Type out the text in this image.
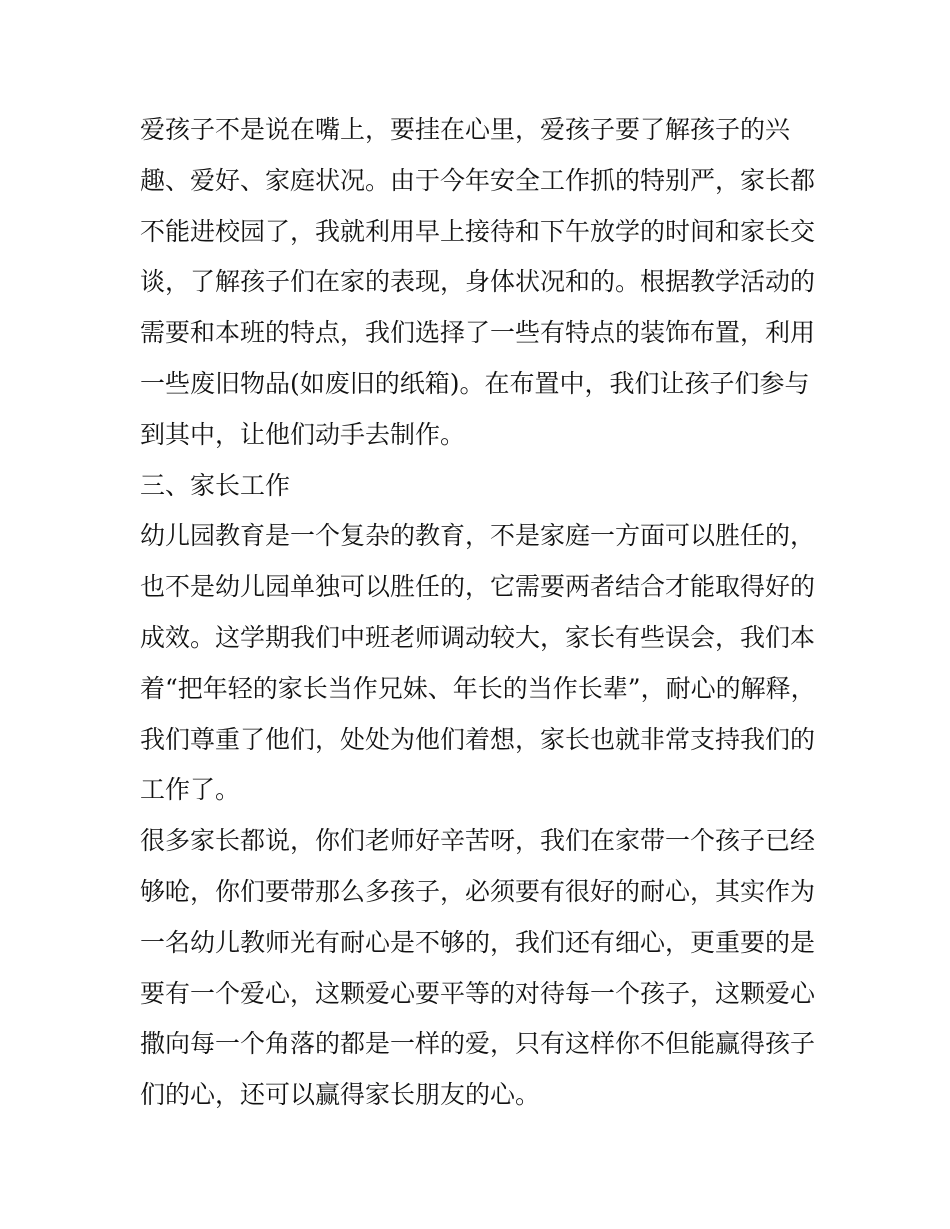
爱孩子不是说在嘴上，要挂在心里，爱孩子要了解孩子的兴
趣、爱好、家庭状况。由于今年安全工作抓的特别严，家长都
不能进校园了，我就利用早上接待和下午放学的时间和家长交
谈，了解孩子们在家的表现，身体状况和的。根据教学活动的
需要和本班的特点，我们选择了一些有特点的装饰布置，利用
一些废旧物品(如废旧的纸箱)。在布置中，我们让孩子们参与
到其中，让他们动手去制作。
三、家长工作
幼儿园教育是一个复杂的教育，不是家庭一方面可以胜任的，
也不是幼儿园单独可以胜任的，它需要两者结合才能取得好的
成效。这学期我们中班老师调动较大，家长有些误会，我们本
着“把年轻的家长当作兄妹、年长的当作长辈”，耐心的解释，
我们尊重了他们，处处为他们着想，家长也就非常支持我们的
工作了。
很多家长都说，你们老师好辛苦呀，我们在家带一个孩子已经
够呛，你们要带那么多孩子，必须要有很好的耐心，其实作为
一名幼儿教师光有耐心是不够的，我们还有细心，更重要的是
要有一个爱心，这颗爱心要平等的对待每一个孩子，这颗爱心
撒向每一个角落的都是一样的爱，只有这样你不但能赢得孩子
们的心，还可以赢得家长朋友的心。
